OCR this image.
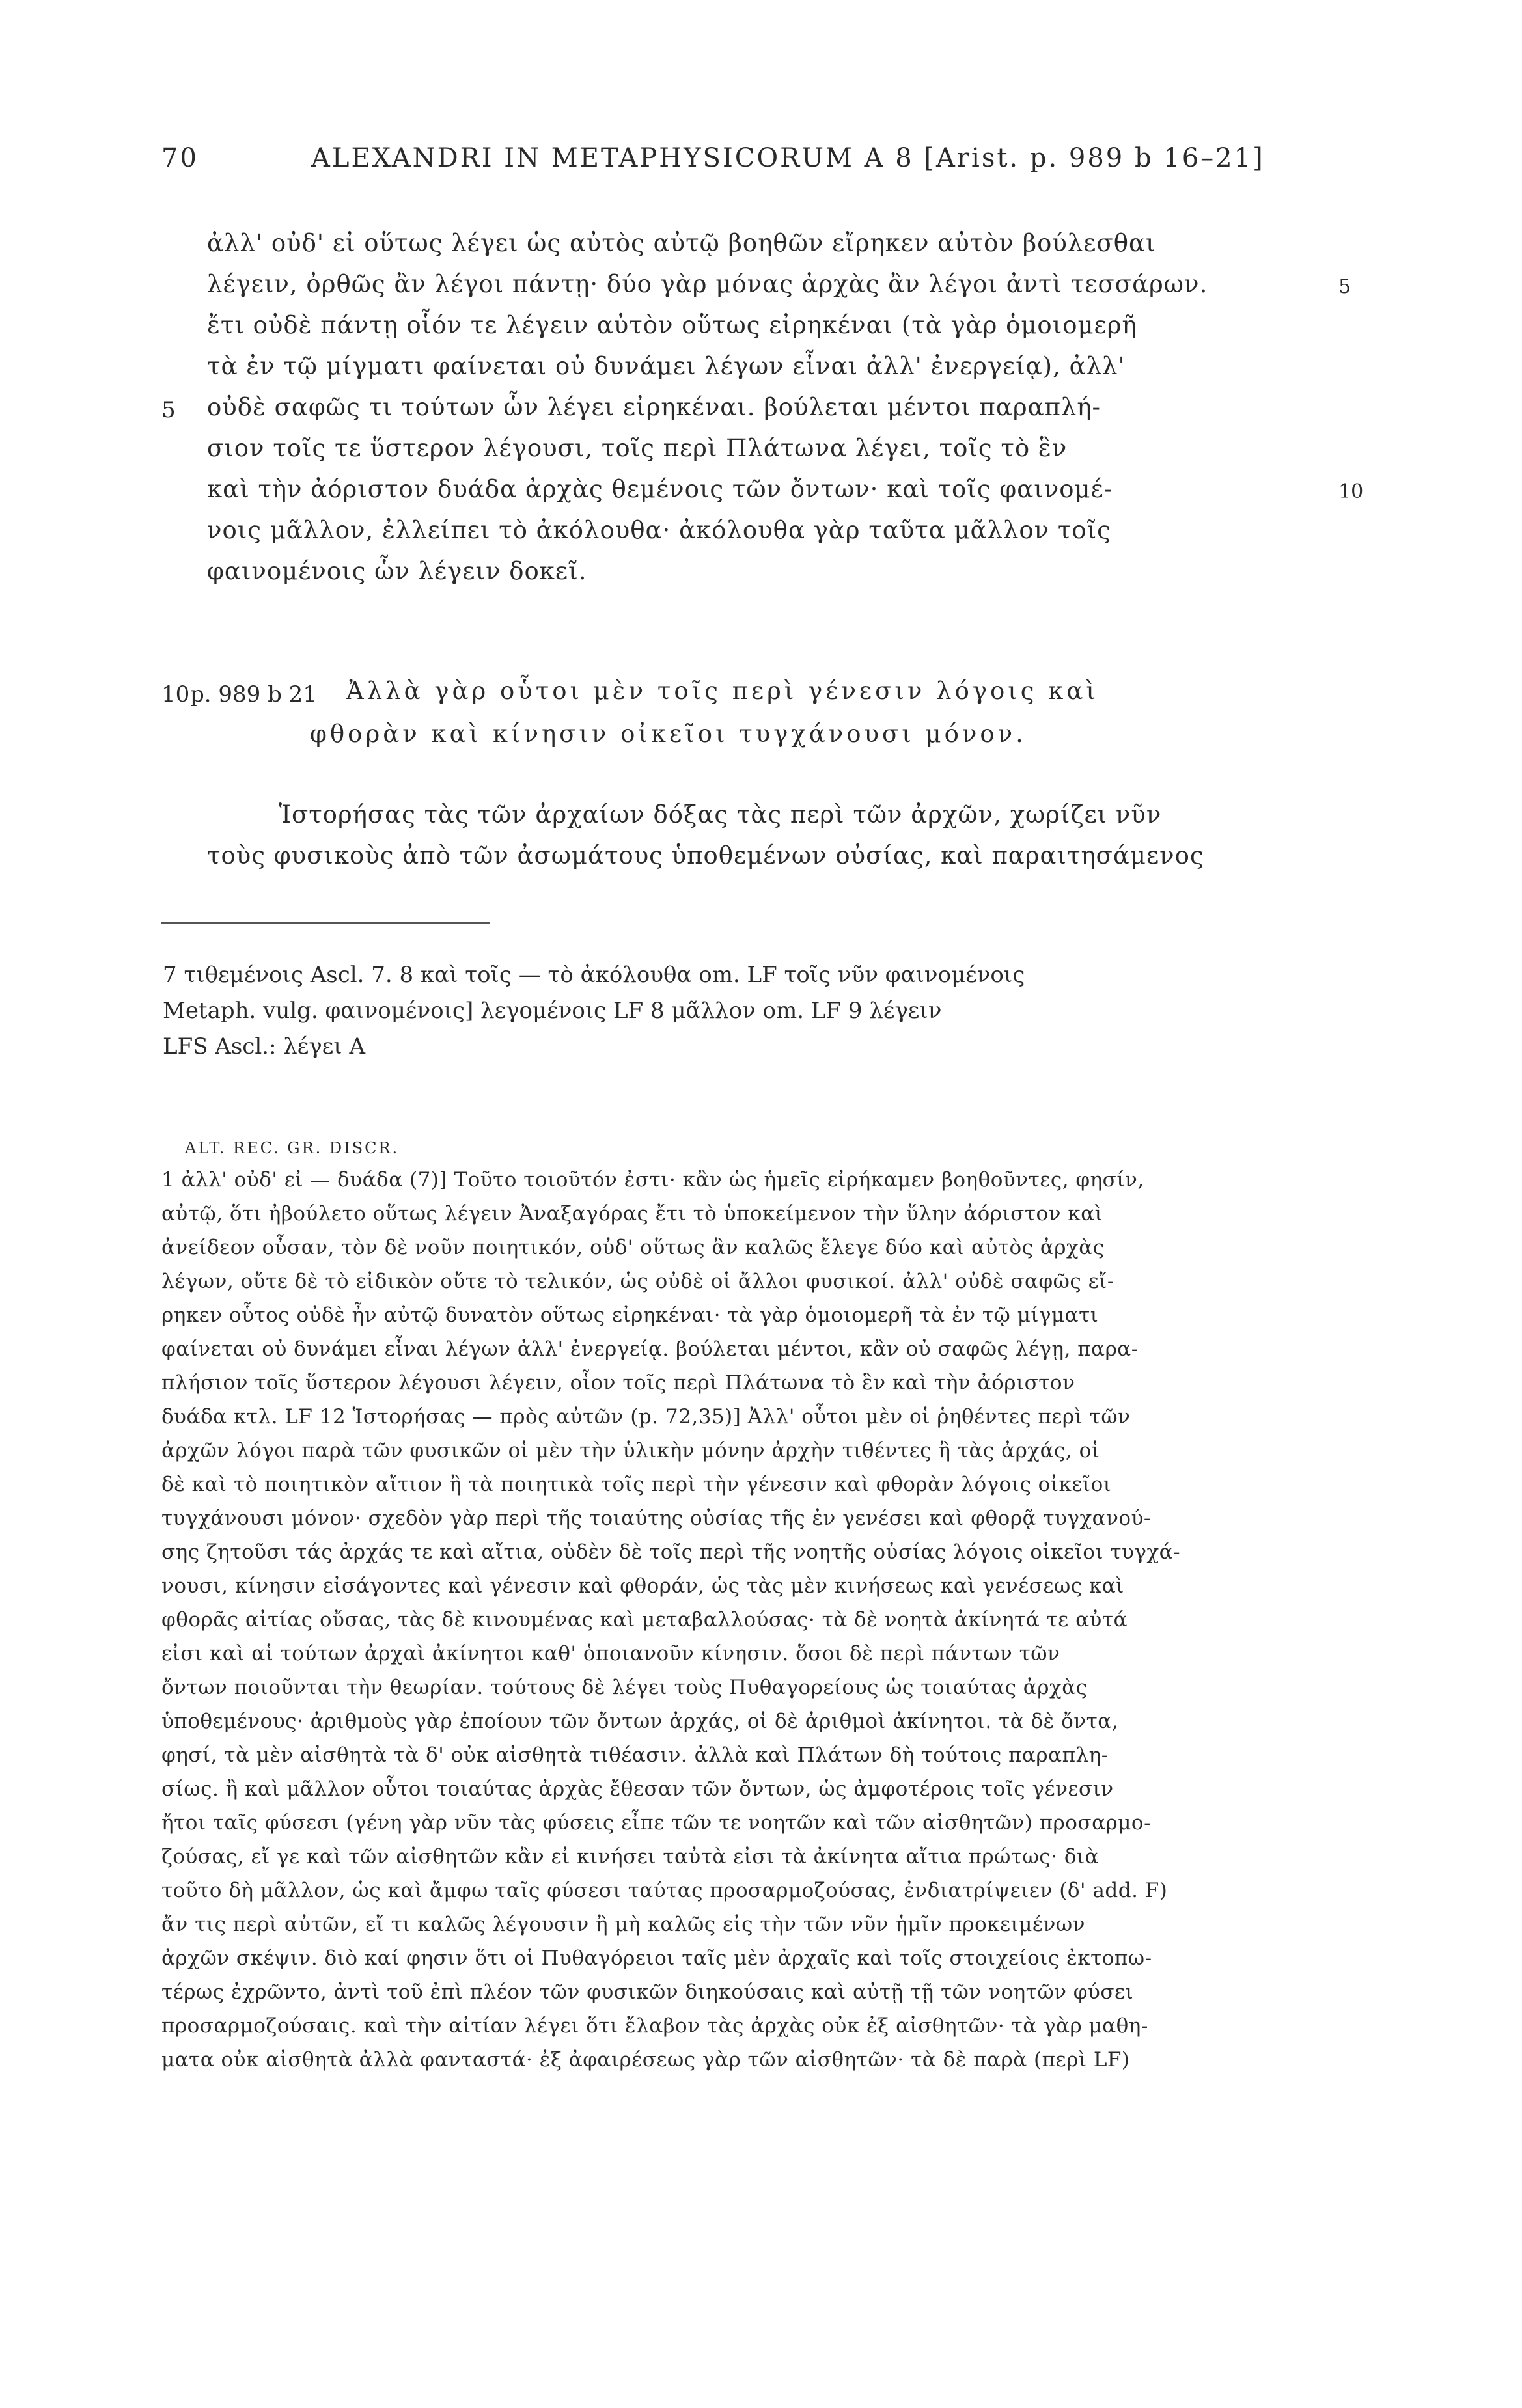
70	ALEXANDRI IN METAPHYSICORUM Α 8 [Arist. p. 989 b 16–21]
ἀλλ' οὐδ' εἰ οὕτως λέγει ὡς αὐτὸς αὐτῷ βοηθῶν εἴρηκεν αὐτὸν βούλεσθαι
λέγειν, ὀρθῶς ἂν λέγοι πάντῃ· δύο γὰρ μόνας ἀρχὰς ἂν λέγοι ἀντὶ τεσσάρων.	5
ἔτι οὐδὲ πάντῃ οἷόν τε λέγειν αὐτὸν οὕτως εἰρηκέναι (τὰ γὰρ ὁμοιομερῆ
τὰ ἐν τῷ μίγματι φαίνεται οὐ δυνάμει λέγων εἶναι ἀλλ' ἐνεργείᾳ), ἀλλ'
5 οὐδὲ σαφῶς τι τούτων ὧν λέγει εἰρηκέναι. βούλεται μέντοι παραπλή-
σιον τοῖς τε ὕστερον λέγουσι, τοῖς περὶ Πλάτωνα λέγει, τοῖς τὸ ἓν
καὶ τὴν ἀόριστον δυάδα ἀρχὰς θεμένοις τῶν ὄντων· καὶ τοῖς φαινομέ-	10
νοις μᾶλλον, ἐλλείπει τὸ ἀκόλουθα· ἀκόλουθα γὰρ ταῦτα μᾶλλον τοῖς
φαινομένοις ὧν λέγειν δοκεῖ.
10 p. 989 b 21 Ἀλλὰ γὰρ οὗτοι μὲν τοῖς περὶ γένεσιν λόγοις καὶ
φθορὰν καὶ κίνησιν οἰκεῖοι τυγχάνουσι μόνον.
Ἱστορήσας τὰς τῶν ἀρχαίων δόξας τὰς περὶ τῶν ἀρχῶν, χωρίζει νῦν
τοὺς φυσικοὺς ἀπὸ τῶν ἀσωμάτους ὑποθεμένων οὐσίας, καὶ παραιτησάμενος
7 τιθεμένοις Ascl. 7. 8 καὶ τοῖς — τὸ ἀκόλουθα om. LF τοῖς νῦν φαινομένοις
Metaph. vulg. φαινομένοις] λεγομένοις LF 8 μᾶλλον om. LF 9 λέγειν
LFS Ascl.: λέγει A
ALT. REC. GR. DISCR.
1 ἀλλ' οὐδ' εἰ — δυάδα (7)] Τοῦτο τοιοῦτόν ἐστι· κἂν ὡς ἡμεῖς εἰρήκαμεν βοηθοῦντες, φησίν,
αὐτῷ, ὅτι ἠβούλετο οὕτως λέγειν Ἀναξαγόρας ἔτι τὸ ὑποκείμενον τὴν ὕλην ἀόριστον καὶ
ἀνείδεον οὖσαν, τὸν δὲ νοῦν ποιητικόν, οὐδ' οὕτως ἂν καλῶς ἔλεγε δύο καὶ αὐτὸς ἀρχὰς
λέγων, οὔτε δὲ τὸ εἰδικὸν οὔτε τὸ τελικόν, ὡς οὐδὲ οἱ ἄλλοι φυσικοί. ἀλλ' οὐδὲ σαφῶς εἴ-
ρηκεν οὗτος οὐδὲ ἦν αὐτῷ δυνατὸν οὕτως εἰρηκέναι· τὰ γὰρ ὁμοιομερῆ τὰ ἐν τῷ μίγματι
φαίνεται οὐ δυνάμει εἶναι λέγων ἀλλ' ἐνεργείᾳ. βούλεται μέντοι, κἂν οὐ σαφῶς λέγῃ, παρα-
πλήσιον τοῖς ὕστερον λέγουσι λέγειν, οἷον τοῖς περὶ Πλάτωνα τὸ ἓν καὶ τὴν ἀόριστον
δυάδα κτλ. LF 12 Ἱστορήσας — πρὸς αὐτῶν (p. 72,35)] Ἀλλ' οὗτοι μὲν οἱ ῥηθέντες περὶ τῶν
ἀρχῶν λόγοι παρὰ τῶν φυσικῶν οἱ μὲν τὴν ὑλικὴν μόνην ἀρχὴν τιθέντες ἢ τὰς ἀρχάς, οἱ
δὲ καὶ τὸ ποιητικὸν αἴτιον ἢ τὰ ποιητικὰ τοῖς περὶ τὴν γένεσιν καὶ φθορὰν λόγοις οἰκεῖοι
τυγχάνουσι μόνον· σχεδὸν γὰρ περὶ τῆς τοιαύτης οὐσίας τῆς ἐν γενέσει καὶ φθορᾷ τυγχανού-
σης ζητοῦσι τάς ἀρχάς τε καὶ αἴτια, οὐδὲν δὲ τοῖς περὶ τῆς νοητῆς οὐσίας λόγοις οἰκεῖοι τυγχά-
νουσι, κίνησιν εἰσάγοντες καὶ γένεσιν καὶ φθοράν, ὡς τὰς μὲν κινήσεως καὶ γενέσεως καὶ
φθορᾶς αἰτίας οὔσας, τὰς δὲ κινουμένας καὶ μεταβαλλούσας· τὰ δὲ νοητὰ ἀκίνητά τε αὐτά
εἰσι καὶ αἱ τούτων ἀρχαὶ ἀκίνητοι καθ' ὁποιανοῦν κίνησιν. ὅσοι δὲ περὶ πάντων τῶν
ὄντων ποιοῦνται τὴν θεωρίαν. τούτους δὲ λέγει τοὺς Πυθαγορείους ὡς τοιαύτας ἀρχὰς
ὑποθεμένους· ἀριθμοὺς γὰρ ἐποίουν τῶν ὄντων ἀρχάς, οἱ δὲ ἀριθμοὶ ἀκίνητοι. τὰ δὲ ὄντα,
φησί, τὰ μὲν αἰσθητὰ τὰ δ' οὐκ αἰσθητὰ τιθέασιν. ἀλλὰ καὶ Πλάτων δὴ τούτοις παραπλη-
σίως. ἢ καὶ μᾶλλον οὗτοι τοιαύτας ἀρχὰς ἔθεσαν τῶν ὄντων, ὡς ἀμφοτέροις τοῖς γένεσιν
ἤτοι ταῖς φύσεσι (γένη γὰρ νῦν τὰς φύσεις εἶπε τῶν τε νοητῶν καὶ τῶν αἰσθητῶν) προσαρμο-
ζούσας, εἴ γε καὶ τῶν αἰσθητῶν κἂν εἰ κινήσει ταὐτὰ εἰσι τὰ ἀκίνητα αἴτια πρώτως· διὰ
τοῦτο δὴ μᾶλλον, ὡς καὶ ἄμφω ταῖς φύσεσι ταύτας προσαρμοζούσας, ἐνδιατρίψειεν (δ' add. F)
ἄν τις περὶ αὐτῶν, εἴ τι καλῶς λέγουσιν ἢ μὴ καλῶς εἰς τὴν τῶν νῦν ἡμῖν προκειμένων
ἀρχῶν σκέψιν. διὸ καί φησιν ὅτι οἱ Πυθαγόρειοι ταῖς μὲν ἀρχαῖς καὶ τοῖς στοιχείοις ἐκτοπω-
τέρως ἐχρῶντο, ἀντὶ τοῦ ἐπὶ πλέον τῶν φυσικῶν διηκούσαις καὶ αὐτῇ τῇ τῶν νοητῶν φύσει
προσαρμοζούσαις. καὶ τὴν αἰτίαν λέγει ὅτι ἔλαβον τὰς ἀρχὰς οὐκ ἐξ αἰσθητῶν· τὰ γὰρ μαθη-
ματα οὐκ αἰσθητὰ ἀλλὰ φανταστά· ἐξ ἀφαιρέσεως γὰρ τῶν αἰσθητῶν· τὰ δὲ παρὰ (περὶ LF)
